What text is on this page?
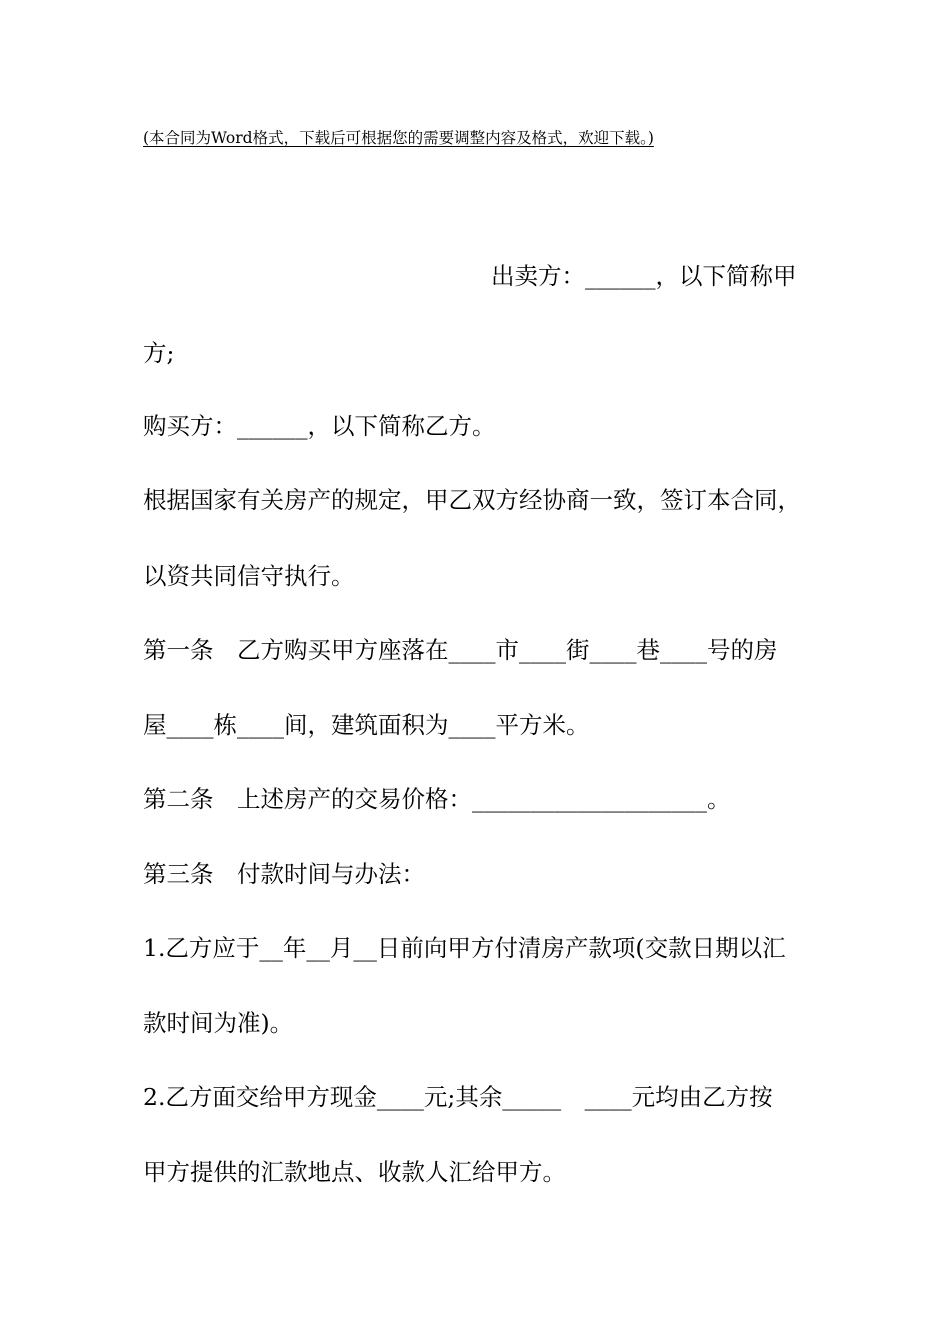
(本合同为Word格式，下载后可根据您的需要调整内容及格式，欢迎下载。)
出卖方：______，以下简称甲
方;
购买方：______，以下简称乙方。
根据国家有关房产的规定，甲乙双方经协商一致，签订本合同，
以资共同信守执行。
第一条　乙方购买甲方座落在____市____街____巷____号的房
屋____栋____间，建筑面积为____平方米。
第二条　上述房产的交易价格：____________________。
第三条　付款时间与办法：
1.乙方应于__年__月__日前向甲方付清房产款项(交款日期以汇
款时间为准)。
2.乙方面交给甲方现金____元;其余_____　____元均由乙方按
甲方提供的汇款地点、收款人汇给甲方。
